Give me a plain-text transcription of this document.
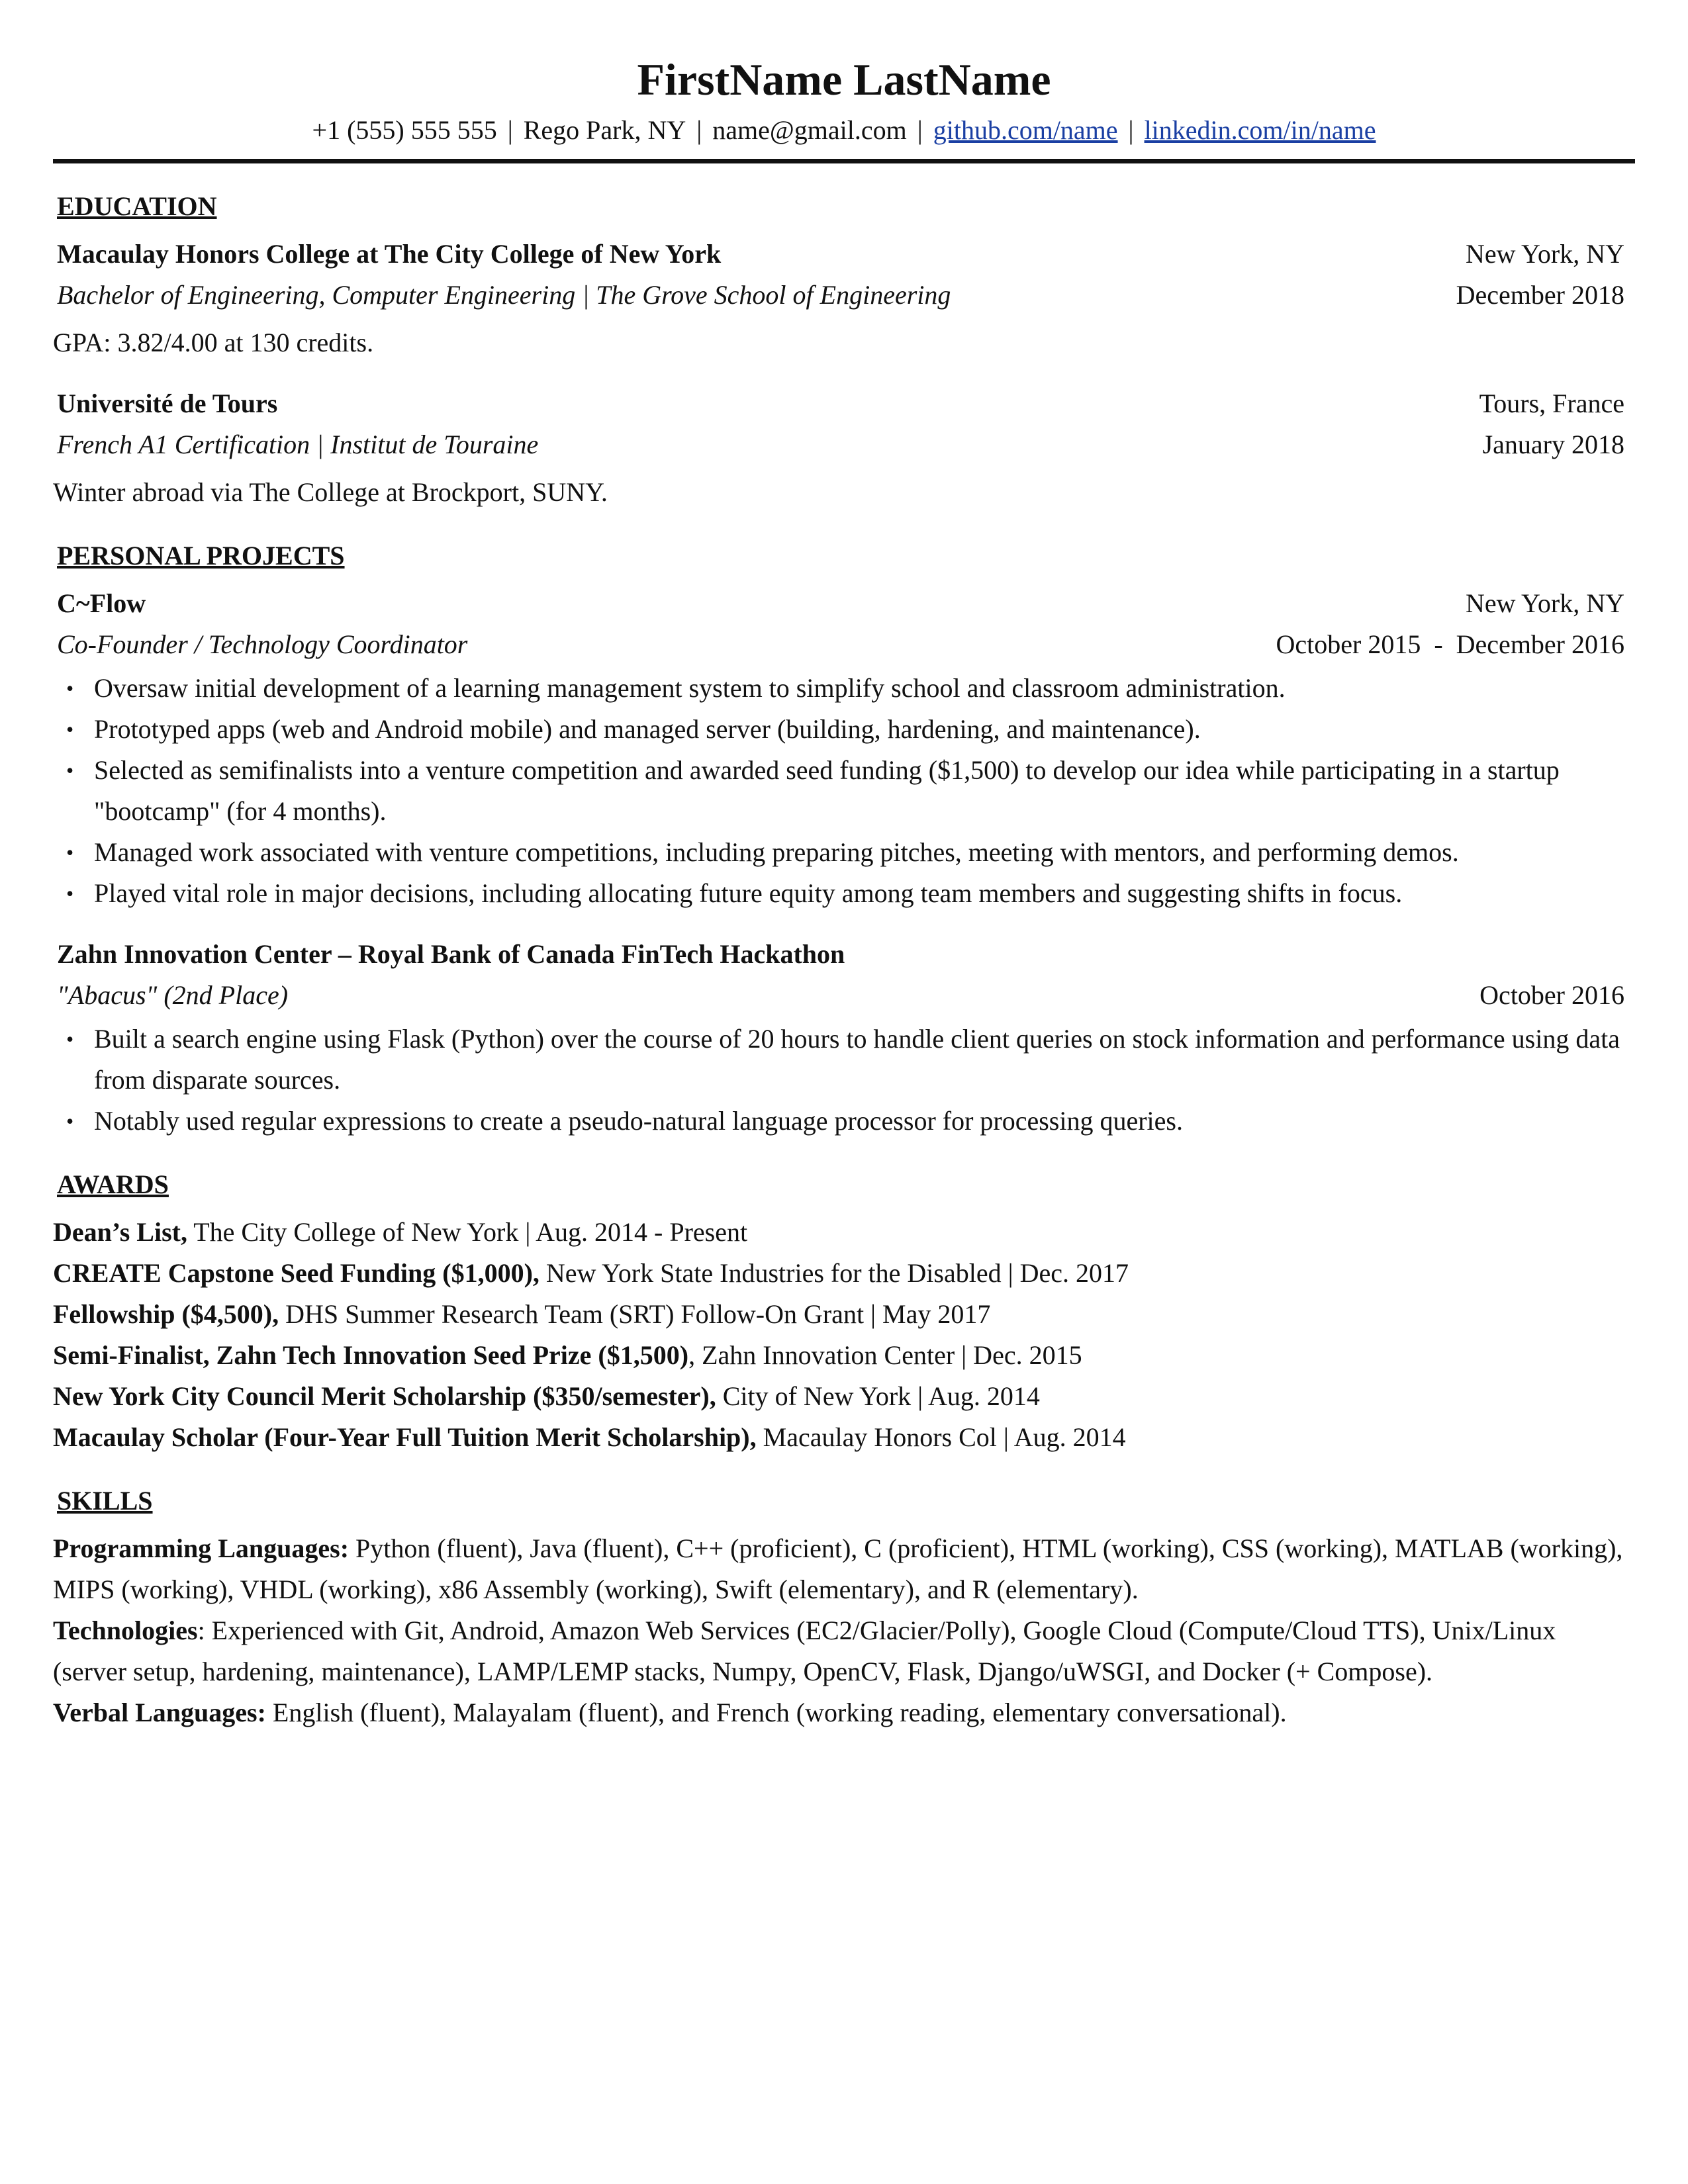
FirstName LastName
+1 (555) 555 555 | Rego Park, NY | name@gmail.com | github.com/name | linkedin.com/in/name
EDUCATION
Macaulay Honors College at The City College of New York	New York, NY
Bachelor of Engineering, Computer Engineering | The Grove School of Engineering	December 2018
GPA: 3.82/4.00 at 130 credits.
Université de Tours	Tours, France
French A1 Certification | Institut de Touraine	January 2018
Winter abroad via The College at Brockport, SUNY.
PERSONAL PROJECTS
C~Flow	New York, NY
Co-Founder / Technology Coordinator	October 2015  -  December 2016
• Oversaw initial development of a learning management system to simplify school and classroom administration.
• Prototyped apps (web and Android mobile) and managed server (building, hardening, and maintenance).
• Selected as semifinalists into a venture competition and awarded seed funding ($1,500) to develop our idea while participating in a startup "bootcamp" (for 4 months).
• Managed work associated with venture competitions, including preparing pitches, meeting with mentors, and performing demos.
• Played vital role in major decisions, including allocating future equity among team members and suggesting shifts in focus.
Zahn Innovation Center – Royal Bank of Canada FinTech Hackathon
"Abacus" (2nd Place)	October 2016
• Built a search engine using Flask (Python) over the course of 20 hours to handle client queries on stock information and performance using data from disparate sources.
• Notably used regular expressions to create a pseudo-natural language processor for processing queries.
AWARDS
Dean’s List, The City College of New York | Aug. 2014 - Present
CREATE Capstone Seed Funding ($1,000), New York State Industries for the Disabled | Dec. 2017
Fellowship ($4,500), DHS Summer Research Team (SRT) Follow-On Grant | May 2017
Semi-Finalist, Zahn Tech Innovation Seed Prize ($1,500), Zahn Innovation Center | Dec. 2015
New York City Council Merit Scholarship ($350/semester), City of New York | Aug. 2014
Macaulay Scholar (Four-Year Full Tuition Merit Scholarship), Macaulay Honors Col | Aug. 2014
SKILLS
Programming Languages: Python (fluent), Java (fluent), C++ (proficient), C (proficient), HTML (working), CSS (working), MATLAB (working), MIPS (working), VHDL (working), x86 Assembly (working), Swift (elementary), and R (elementary).
Technologies: Experienced with Git, Android, Amazon Web Services (EC2/Glacier/Polly), Google Cloud (Compute/Cloud TTS), Unix/Linux (server setup, hardening, maintenance), LAMP/LEMP stacks, Numpy, OpenCV, Flask, Django/uWSGI, and Docker (+ Compose).
Verbal Languages: English (fluent), Malayalam (fluent), and French (working reading, elementary conversational).
